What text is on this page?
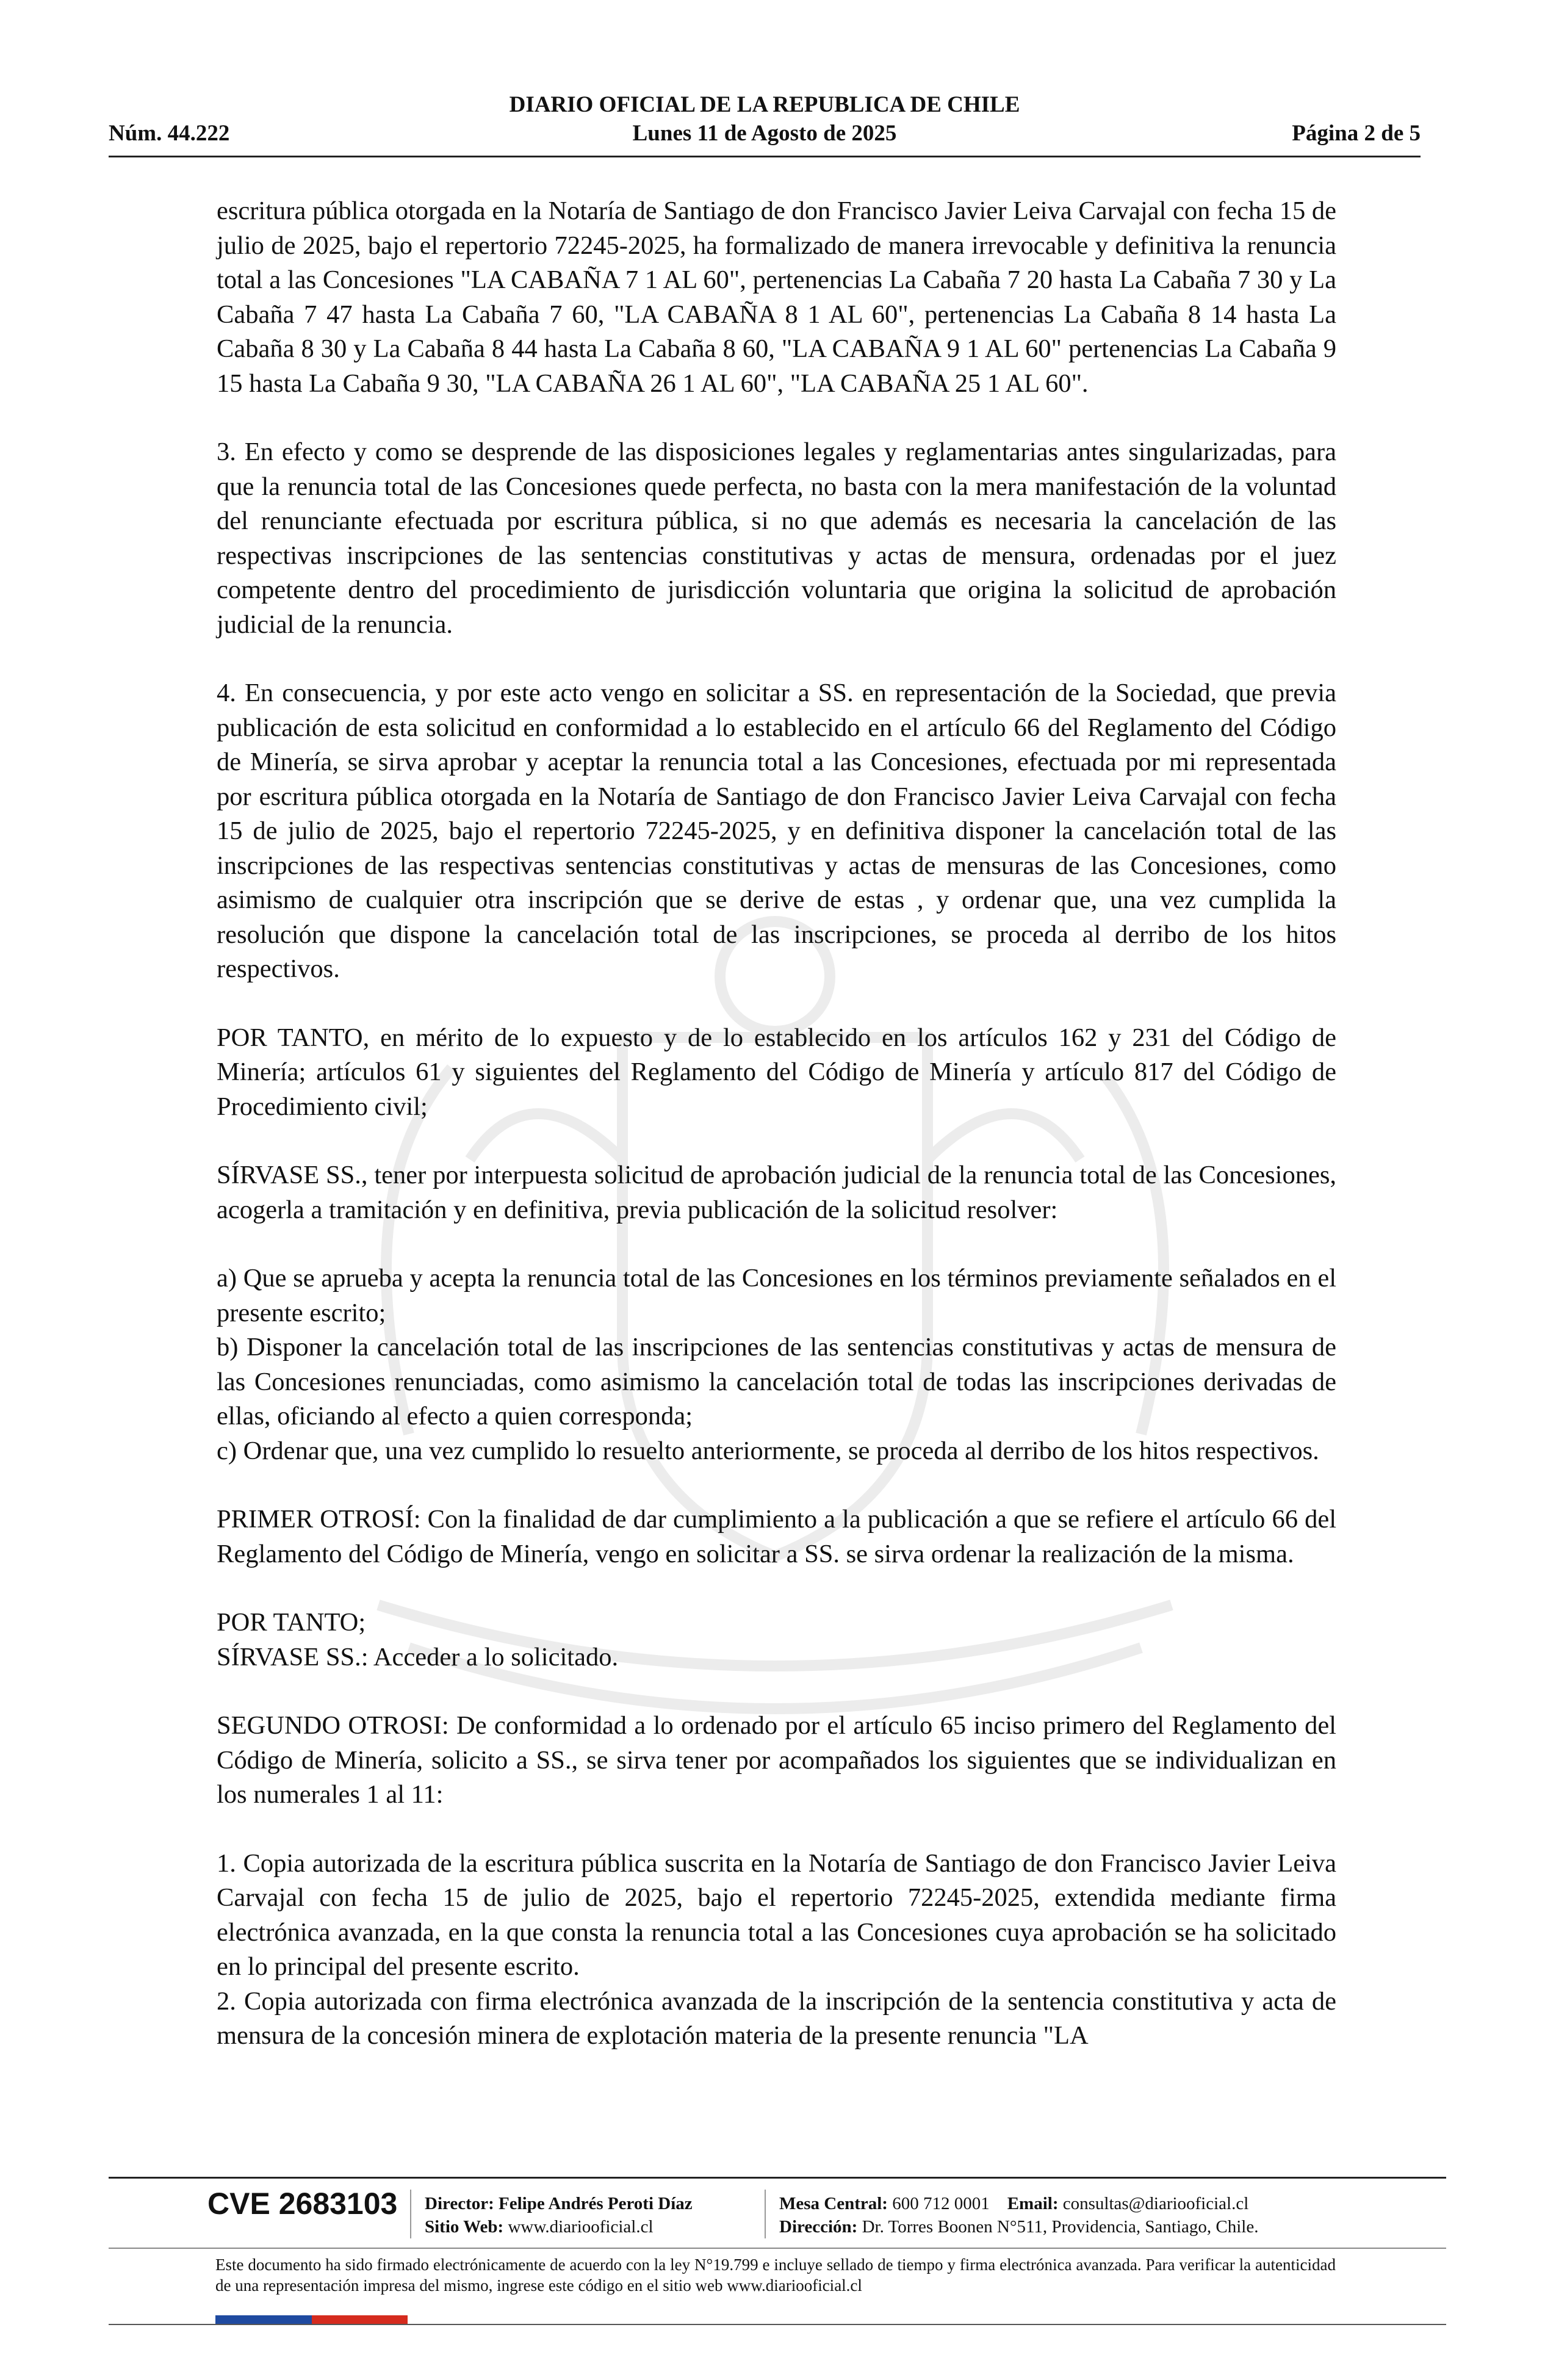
DIARIO OFICIAL DE LA REPUBLICA DE CHILE
Núm. 44.222	Lunes 11 de Agosto de 2025	Página 2 de 5

escritura pública otorgada en la Notaría de Santiago de don Francisco Javier Leiva Carvajal con fecha 15 de julio de 2025, bajo el repertorio 72245-2025, ha formalizado de manera irrevocable y definitiva la renuncia total a las Concesiones "LA CABAÑA 7 1 AL 60", pertenencias La Cabaña 7 20 hasta La Cabaña 7 30 y La Cabaña 7 47 hasta La Cabaña 7 60, "LA CABAÑA 8 1 AL 60", pertenencias La Cabaña 8 14 hasta La Cabaña 8 30 y La Cabaña 8 44 hasta La Cabaña 8 60, "LA CABAÑA 9 1 AL 60" pertenencias La Cabaña 9 15 hasta La Cabaña 9 30, "LA CABAÑA 26 1 AL 60", "LA CABAÑA 25 1 AL 60".

3. En efecto y como se desprende de las disposiciones legales y reglamentarias antes singularizadas, para que la renuncia total de las Concesiones quede perfecta, no basta con la mera manifestación de la voluntad del renunciante efectuada por escritura pública, si no que además es necesaria la cancelación de las respectivas inscripciones de las sentencias constitutivas y actas de mensura, ordenadas por el juez competente dentro del procedimiento de jurisdicción voluntaria que origina la solicitud de aprobación judicial de la renuncia.

4. En consecuencia, y por este acto vengo en solicitar a SS. en representación de la Sociedad, que previa publicación de esta solicitud en conformidad a lo establecido en el artículo 66 del Reglamento del Código de Minería, se sirva aprobar y aceptar la renuncia total a las Concesiones, efectuada por mi representada por escritura pública otorgada en la Notaría de Santiago de don Francisco Javier Leiva Carvajal con fecha 15 de julio de 2025, bajo el repertorio 72245-2025, y en definitiva disponer la cancelación total de las inscripciones de las respectivas sentencias constitutivas y actas de mensuras de las Concesiones, como asimismo de cualquier otra inscripción que se derive de estas , y ordenar que, una vez cumplida la resolución que dispone la cancelación total de las inscripciones, se proceda al derribo de los hitos respectivos.

POR TANTO, en mérito de lo expuesto y de lo establecido en los artículos 162 y 231 del Código de Minería; artículos 61 y siguientes del Reglamento del Código de Minería y artículo 817 del Código de Procedimiento civil;

SÍRVASE SS., tener por interpuesta solicitud de aprobación judicial de la renuncia total de las Concesiones, acogerla a tramitación y en definitiva, previa publicación de la solicitud resolver:

a) Que se aprueba y acepta la renuncia total de las Concesiones en los términos previamente señalados en el presente escrito;

b) Disponer la cancelación total de las inscripciones de las sentencias constitutivas y actas de mensura de las Concesiones renunciadas, como asimismo la cancelación total de todas las inscripciones derivadas de ellas, oficiando al efecto a quien corresponda;

c) Ordenar que, una vez cumplido lo resuelto anteriormente, se proceda al derribo de los hitos respectivos.

PRIMER OTROSÍ: Con la finalidad de dar cumplimiento a la publicación a que se refiere el artículo 66 del Reglamento del Código de Minería, vengo en solicitar a SS. se sirva ordenar la realización de la misma.

POR TANTO;

SÍRVASE SS.: Acceder a lo solicitado.

SEGUNDO OTROSI: De conformidad a lo ordenado por el artículo 65 inciso primero del Reglamento del Código de Minería, solicito a SS., se sirva tener por acompañados los siguientes que se individualizan en los numerales 1 al 11:

1. Copia autorizada de la escritura pública suscrita en la Notaría de Santiago de don Francisco Javier Leiva Carvajal con fecha 15 de julio de 2025, bajo el repertorio 72245-2025, extendida mediante firma electrónica avanzada, en la que consta la renuncia total a las Concesiones cuya aprobación se ha solicitado en lo principal del presente escrito.

2. Copia autorizada con firma electrónica avanzada de la inscripción de la sentencia constitutiva y acta de mensura de la concesión minera de explotación materia de la presente renuncia "LA

CVE 2683103 Director: Felipe Andrés Peroti Díaz
Sitio Web: www.diariooficial.cl
Mesa Central: 600 712 0001 Email: consultas@diariooficial.cl
Dirección: Dr. Torres Boonen N°511, Providencia, Santiago, Chile.
Este documento ha sido firmado electrónicamente de acuerdo con la ley N°19.799 e incluye sellado de tiempo y firma electrónica avanzada. Para verificar la autenticidad de una representación impresa del mismo, ingrese este código en el sitio web www.diariooficial.cl
